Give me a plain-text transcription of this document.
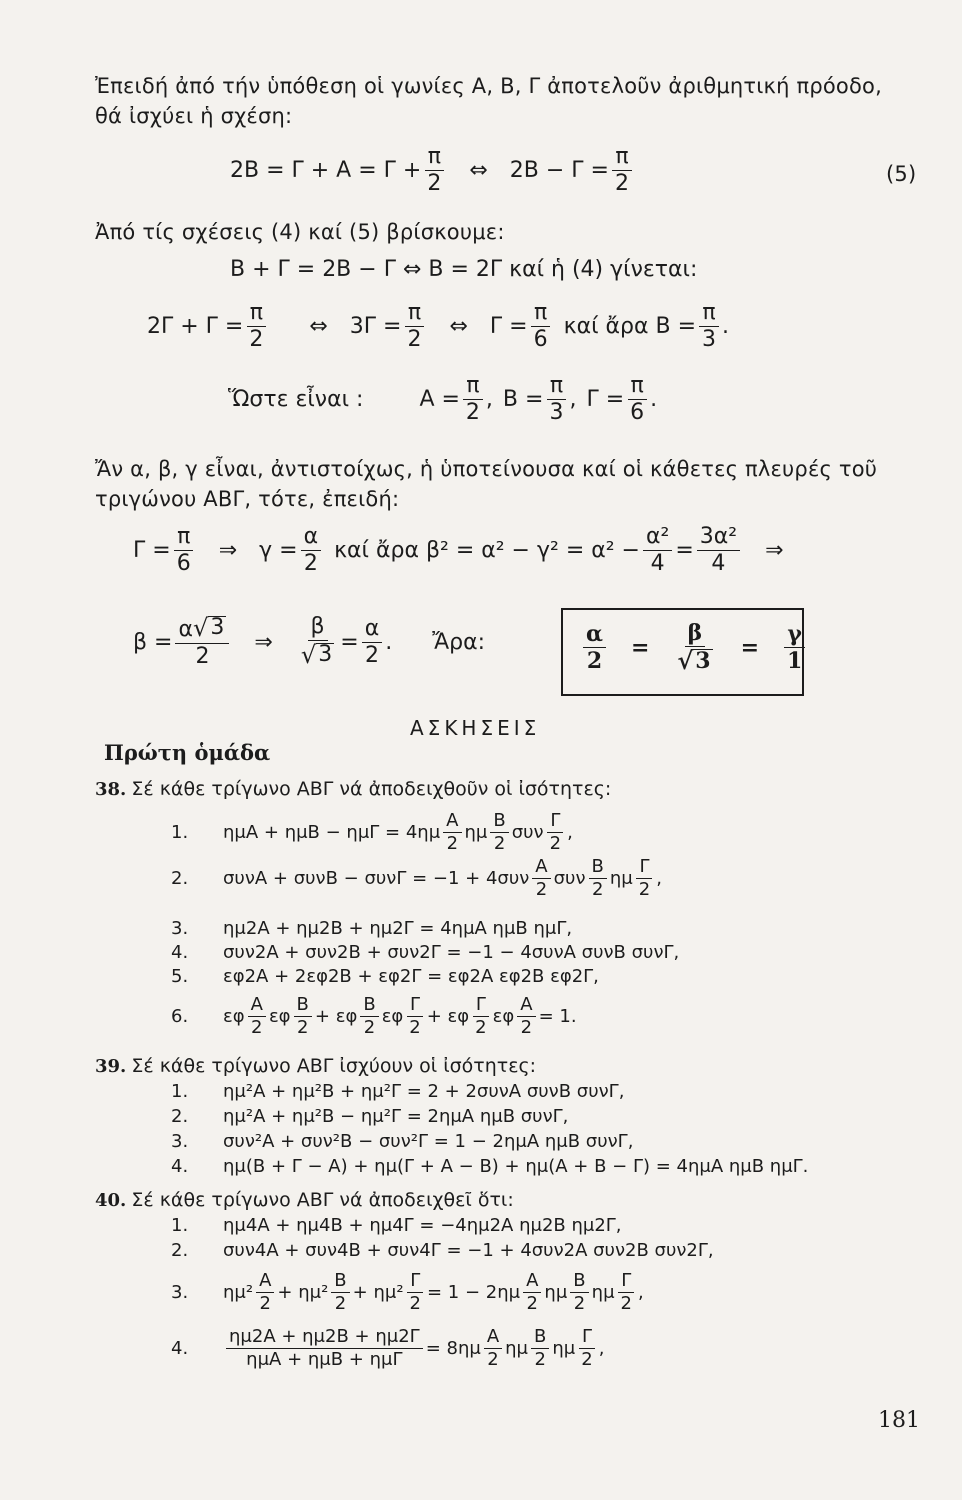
Ἐπειδή ἀπό τήν ὑπόθεση οἱ γωνίες Α, Β, Γ ἀποτελοῦν ἀριθμητική πρόοδο,
θά ἰσχύει ἡ σχέση:
$2B = \Gamma + A = \Gamma + \frac{\pi}{2}$ ⇔ $2B - \Gamma = \frac{\pi}{2}$	(5)
Ἀπό τίς σχέσεις (4) καί (5) βρίσκουμε:
Β + Γ = 2Β − Γ ⇔ Β = 2Γ καί ἡ (4) γίνεται:
$2\Gamma + \Gamma = \frac{\pi}{2}$ ⇔ $3\Gamma = \frac{\pi}{2}$ ⇔ $\Gamma = \frac{\pi}{6}$ καί ἄρα $B = \frac{\pi}{3}$ .
Ὥστε εἶναι :	$A = \frac{\pi}{2}$ , $B = \frac{\pi}{3}$ , $\Gamma = \frac{\pi}{6}$ .
Ἄν α, β, γ εἶναι, ἀντιστοίχως, ἡ ὑποτείνουσα καί οἱ κάθετες πλευρές τοῦ
τριγώνου ΑΒΓ, τότε, ἐπειδή:
$\Gamma = \frac{\pi}{6}$ ⇒ $\gamma = \frac{\alpha}{2}$ καί ἄρα $\beta^2 = \alpha^2 - \gamma^2 = \alpha^2 - \frac{\text{α²}}{4} = \frac{\text{3α²}}{4}$ ⇒
$\beta = \frac{\alpha √ 3}{2}$ ⇒ $\frac{\beta}{√ 3} = \frac{\alpha}{2}$ . Ἄρα:	$\frac{\alpha}{2} = \frac{\beta}{√ 3} = \frac{\gamma}{1}$
ΑΣΚΗΣΕΙΣ
Πρώτη ὁμάδα
38. Σέ κάθε τρίγωνο ΑΒΓ νά ἀποδειχθοῦν οἱ ἰσότητες:
1.	$\eta\mu A + \eta\mu B - \eta\mu\Gamma = 4\eta\mu \frac{A}{2}$ ημ $\frac{B}{2}$ συν $\frac{\Gamma}{2}$ ,
2.	$\sigma\upsilon\nu A + \sigma\upsilon\nu B - \sigma\upsilon\nu\Gamma = -1 + 4\sigma\upsilon\nu \frac{A}{2}$ συν $\frac{B}{2}$ ημ $\frac{\Gamma}{2}$ ,
3.	ημ2Α + ημ2Β + ημ2Γ = 4ημΑ ημΒ ημΓ,
4.	συν2Α + συν2Β + συν2Γ = −1 − 4συνΑ συνΒ συνΓ,
5.	εφ2Α + 2εφ2Β + εφ2Γ = εφ2Α εφ2Β εφ2Γ,
6.	εφ $\frac{A}{2}$ εφ $\frac{B}{2} + \varepsilon\varphi \frac{B}{2}$ εφ $\frac{\Gamma}{2} + \varepsilon\varphi \frac{\Gamma}{2}$ εφ $\frac{A}{2} = 1$.
39. Σέ κάθε τρίγωνο ΑΒΓ ἰσχύουν οἱ ἰσότητες:
1.	ημ²Α + ημ²Β + ημ²Γ = 2 + 2συνΑ συνΒ συνΓ,
2.	ημ²Α + ημ²Β − ημ²Γ = 2ημΑ ημΒ συνΓ,
3.	συν²Α + συν²Β − συν²Γ = 1 − 2ημΑ ημΒ συνΓ,
4.	ημ(Β + Γ − Α) + ημ(Γ + Α − Β) + ημ(Α + Β − Γ) = 4ημΑ ημΒ ημΓ.
40. Σέ κάθε τρίγωνο ΑΒΓ νά ἀποδειχθεῖ ὅτι:
1.	ημ4Α + ημ4Β + ημ4Γ = −4ημ2Α ημ2Β ημ2Γ,
2.	συν4Α + συν4Β + συν4Γ = −1 + 4συν2Α συν2Β συν2Γ,
3.	$\eta\mu^2 \frac{A}{2} + \eta\mu^2 \frac{B}{2} + \eta\mu^2 \frac{\Gamma}{2} = 1 - 2\eta\mu \frac{A}{2}$ ημ $\frac{B}{2}$ ημ $\frac{\Gamma}{2}$ ,
4.	$\frac{\eta\mu 2A + \eta\mu 2B + \eta\mu 2\Gamma}{\text{ημΑ + ημΒ + ημΓ}} = 8\eta\mu \frac{A}{2}$ ημ $\frac{B}{2}$ ημ $\frac{\Gamma}{2}$ ,
181
